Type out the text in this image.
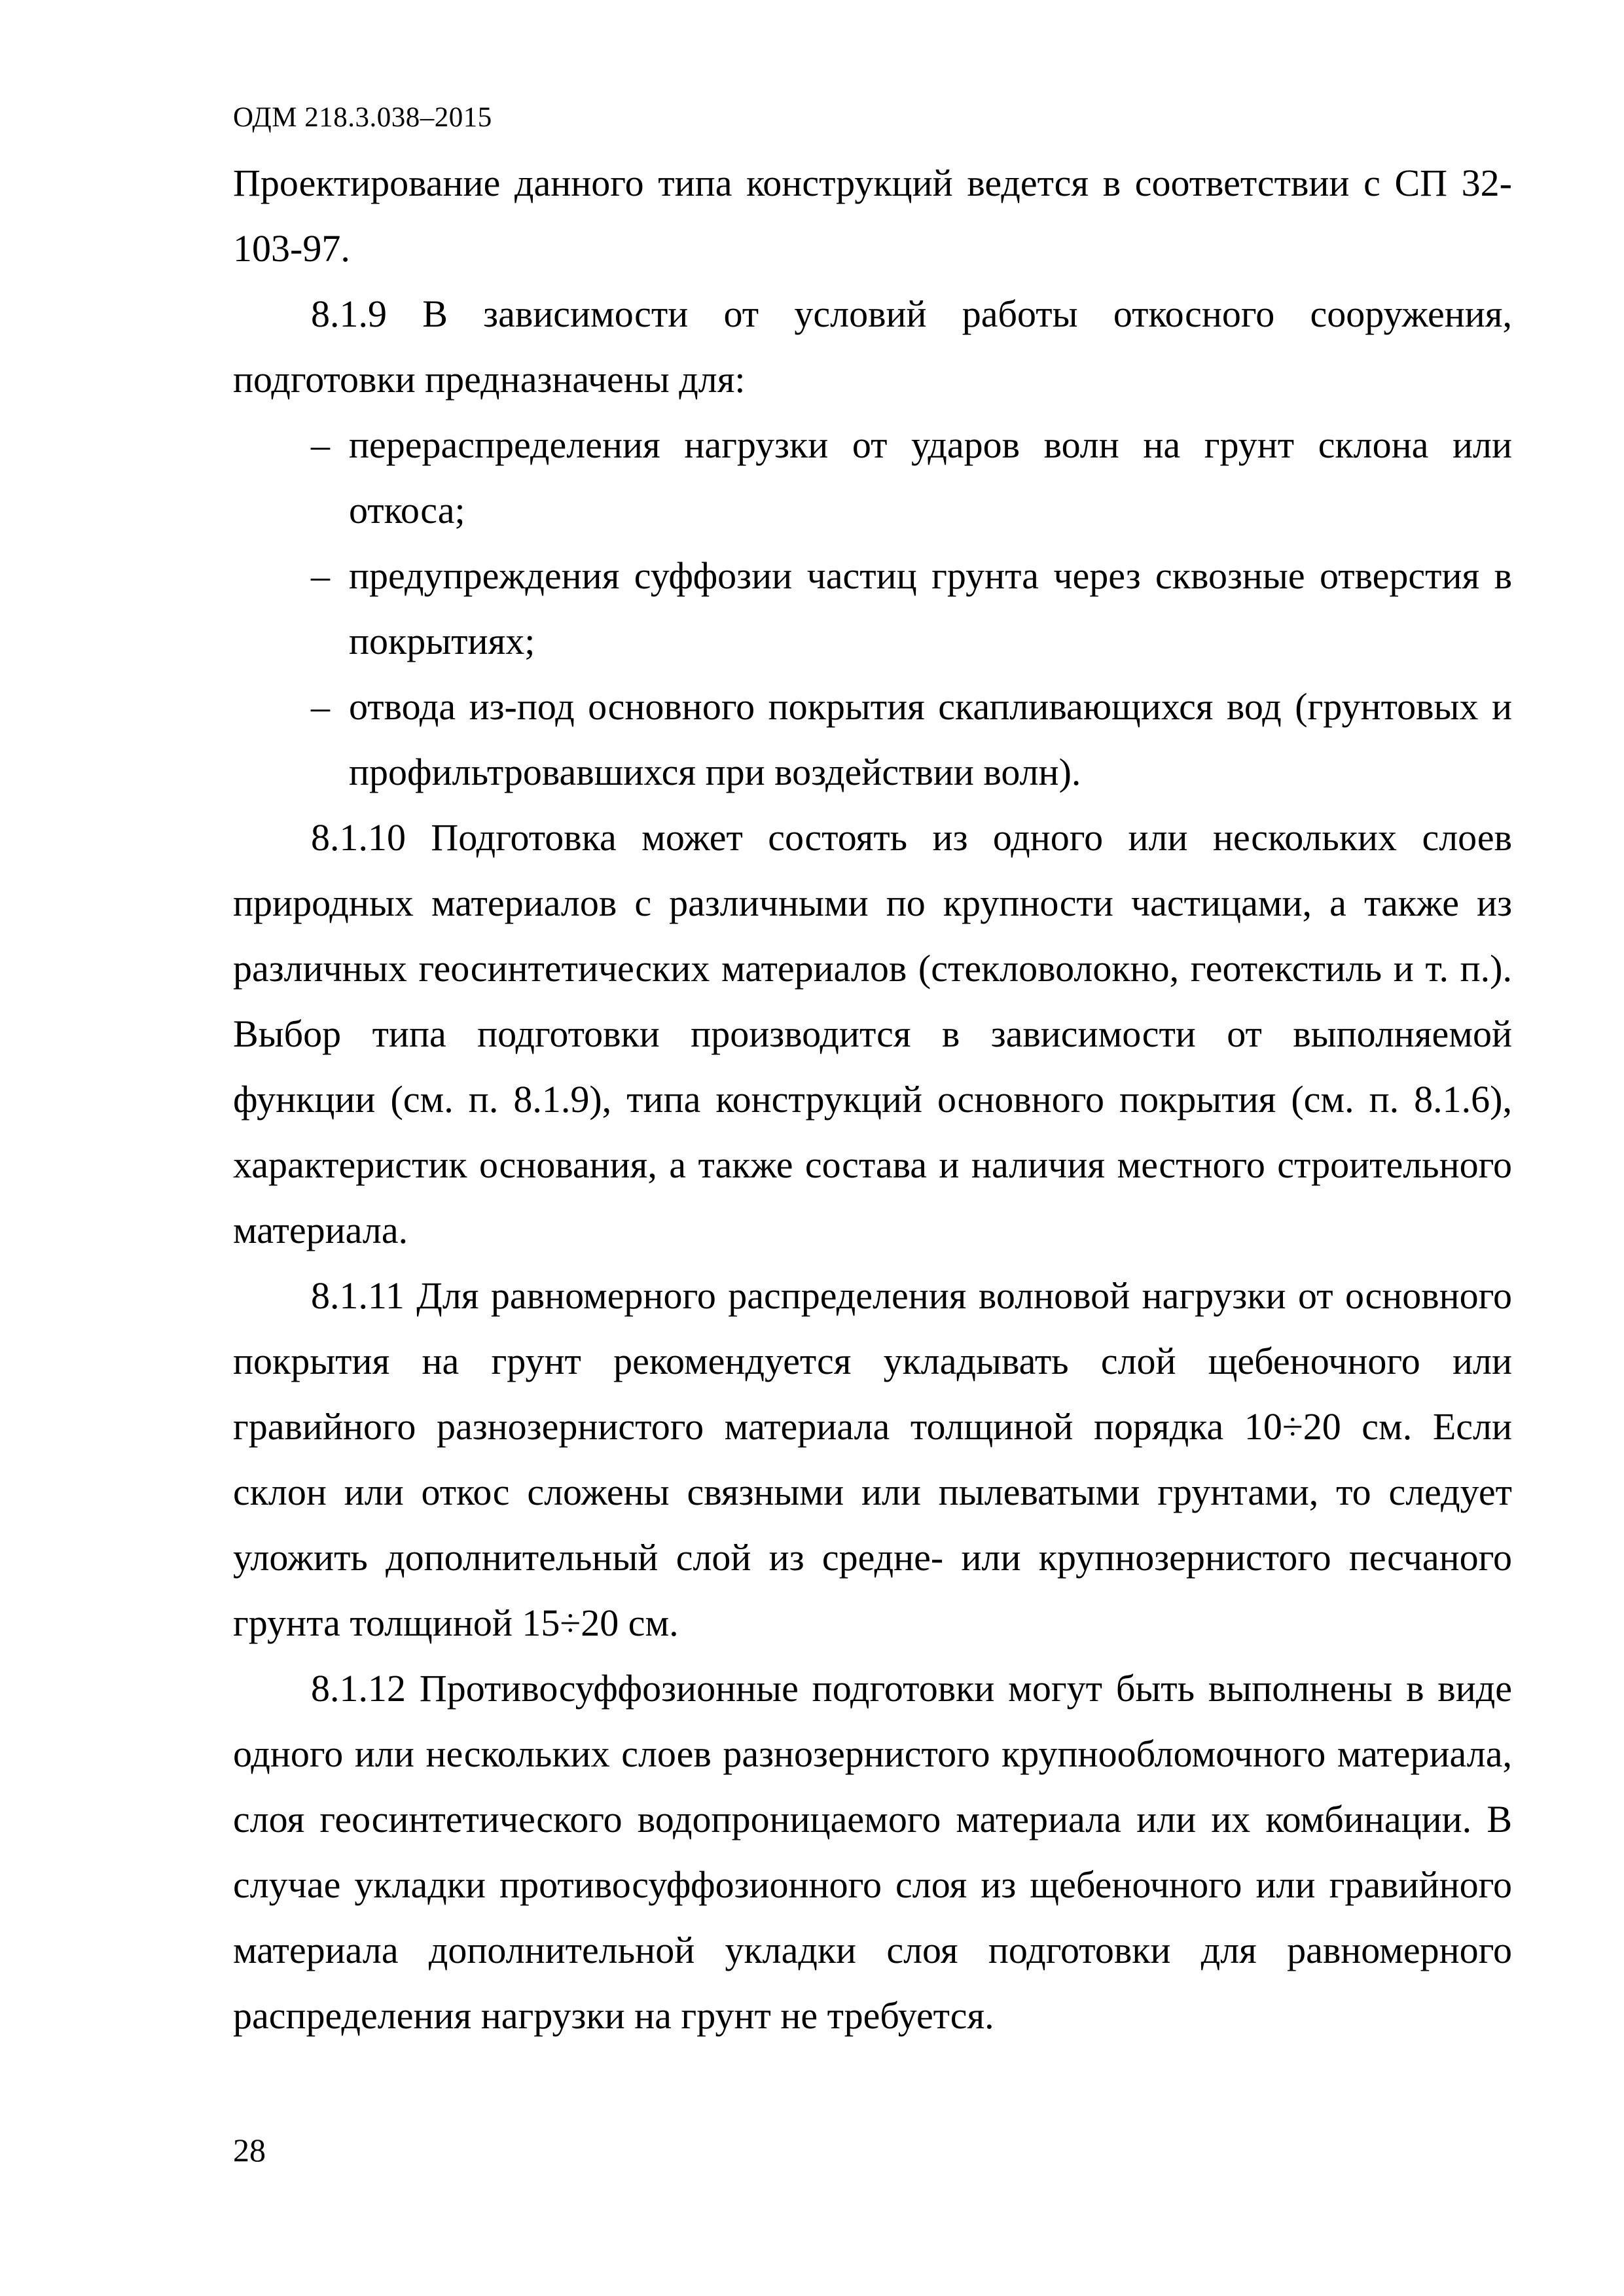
ОДМ 218.3.038–2015

Проектирование данного типа конструкций ведется в соответствии с СП 32-103-97.

8.1.9 В зависимости от условий работы откосного сооружения, подготовки предназначены для:

– перераспределения нагрузки от ударов волн на грунт склона или откоса;
– предупреждения суффозии частиц грунта через сквозные отверстия в покрытиях;
– отвода из-под основного покрытия скапливающихся вод (грунтовых и профильтровавшихся при воздействии волн).

8.1.10 Подготовка может состоять из одного или нескольких слоев природных материалов с различными по крупности частицами, а также из различных геосинтетических материалов (стекловолокно, геотекстиль и т. п.). Выбор типа подготовки производится в зависимости от выполняемой функции (см. п. 8.1.9), типа конструкций основного покрытия (см. п. 8.1.6), характеристик основания, а также состава и наличия местного строительного материала.

8.1.11 Для равномерного распределения волновой нагрузки от основного покрытия на грунт рекомендуется укладывать слой щебеночного или гравийного разнозернистого материала толщиной порядка 10÷20 см. Если склон или откос сложены связными или пылеватыми грунтами, то следует уложить дополнительный слой из средне- или крупнозернистого песчаного грунта толщиной 15÷20 см.

8.1.12 Противосуффозионные подготовки могут быть выполнены в виде одного или нескольких слоев разнозернистого крупнообломочного материала, слоя геосинтетического водопроницаемого материала или их комбинации. В случае укладки противосуффозионного слоя из щебеночного или гравийного материала дополнительной укладки слоя подготовки для равномерного распределения нагрузки на грунт не требуется.

28
